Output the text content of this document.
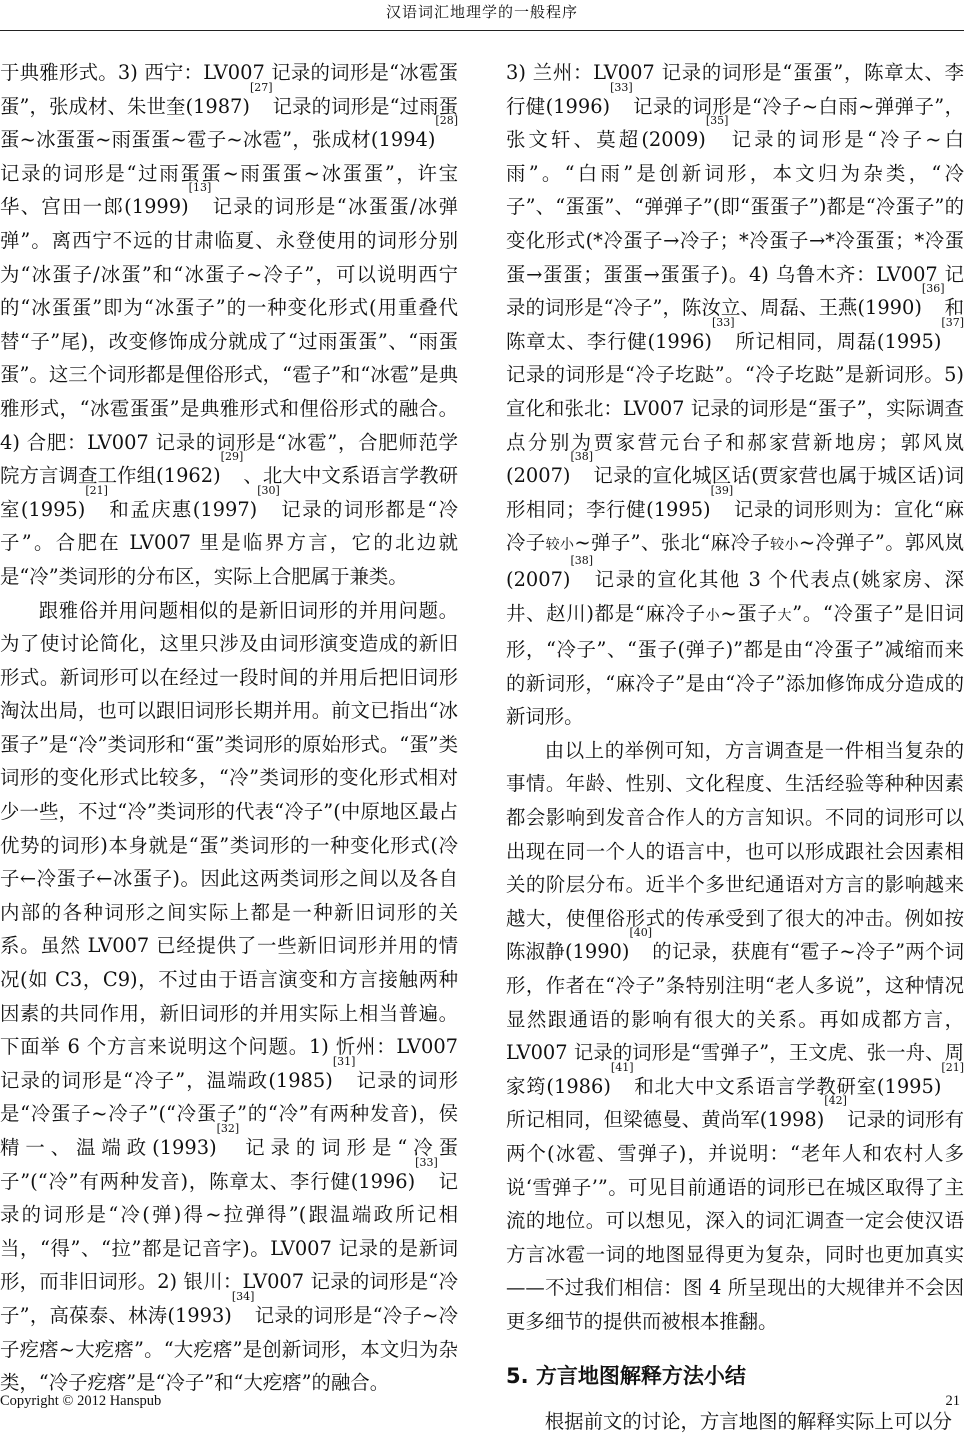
汉语词汇地理学的一般程序

于典雅形式。3) 西宁：LV007 记录的词形是“冰雹蛋蛋”，张成材、朱世奎(1987)[27]记录的词形是“过雨蛋蛋~冰蛋蛋~雨蛋蛋~雹子~冰雹”，张成材(1994)[28]记录的词形是“过雨蛋蛋~雨蛋蛋~冰蛋蛋”，许宝华、宫田一郎(1999)[13]记录的词形是“冰蛋蛋/冰弹弹”。离西宁不远的甘肃临夏、永登使用的词形分别为“冰蛋子/冰蛋”和“冰蛋子~冷子”，可以说明西宁的“冰蛋蛋”即为“冰蛋子”的一种变化形式(用重叠代替“子”尾)，改变修饰成分就成了“过雨蛋蛋”、“雨蛋蛋”。这三个词形都是俚俗形式，“雹子”和“冰雹”是典雅形式，“冰雹蛋蛋”是典雅形式和俚俗形式的融合。4) 合肥：LV007 记录的词形是“冰雹”，合肥师范学院方言调查工作组(1962)[29]、北大中文系语言学教研室(1995)[21]和孟庆惠(1997)[30]记录的词形都是“冷子”。合肥在 LV007 里是临界方言，它的北边就是“冷”类词形的分布区，实际上合肥属于兼类。

跟雅俗并用问题相似的是新旧词形的并用问题。为了使讨论简化，这里只涉及由词形演变造成的新旧形式。新词形可以在经过一段时间的并用后把旧词形淘汰出局，也可以跟旧词形长期并用。前文已指出“冰蛋子”是“冷”类词形和“蛋”类词形的原始形式。“蛋”类词形的变化形式比较多，“冷”类词形的变化形式相对少一些，不过“冷”类词形的代表“冷子”(中原地区最占优势的词形)本身就是“蛋”类词形的一种变化形式(冷子←冷蛋子←冰蛋子)。因此这两类词形之间以及各自内部的各种词形之间实际上都是一种新旧词形的关系。虽然 LV007 已经提供了一些新旧词形并用的情况(如 C3，C9)，不过由于语言演变和方言接触两种因素的共同作用，新旧词形的并用实际上相当普遍。下面举 6 个方言来说明这个问题。1) 忻州：LV007 记录的词形是“冷子”，温端政(1985)[31]记录的词形是“冷蛋子~冷子”(“冷蛋子”的“冷”有两种发音)，侯精一、温端政(1993)[32]记录的词形是“冷蛋子”(“冷”有两种发音)，陈章太、李行健(1996)[33]记录的词形是“冷(弹)得~拉弹得”(跟温端政所记相当，“得”、“拉”都是记音字)。LV007 记录的是新词形，而非旧词形。2) 银川：LV007 记录的词形是“冷子”，高葆泰、林涛(1993)[34]记录的词形是“冷子~冷子疙瘩~大疙瘩”。“大疙瘩”是创新词形，本文归为杂类，“冷子疙瘩”是“冷子”和“大疙瘩”的融合。

3) 兰州：LV007 记录的词形是“蛋蛋”，陈章太、李行健(1996)[33]记录的词形是“冷子~白雨~弹弹子”，张文轩、莫超(2009)[35]记录的词形是“冷子~白雨”。“白雨”是创新词形，本文归为杂类，“冷子”、“蛋蛋”、“弹弹子”(即“蛋蛋子”)都是“冷蛋子”的变化形式(*冷蛋子→冷子；*冷蛋子→*冷蛋蛋；*冷蛋蛋→蛋蛋；蛋蛋→蛋蛋子)。4) 乌鲁木齐：LV007 记录的词形是“冷子”，陈汝立、周磊、王燕(1990)[36]和陈章太、李行健(1996)[33]所记相同，周磊(1995)[37]记录的词形是“冷子圪跶”。“冷子圪跶”是新词形。5) 宣化和张北：LV007 记录的词形是“蛋子”，实际调查点分别为贾家营元台子和郝家营新地房；郭风岚(2007)[38]记录的宣化城区话(贾家营也属于城区话)词形相同；李行健(1995)[39]记录的词形则为：宣化“麻冷子较小~弹子”、张北“麻冷子较小~冷弹子”。郭风岚(2007)[38]记录的宣化其他 3 个代表点(姚家房、深井、赵川)都是“麻冷子小~蛋子大”。“冷蛋子”是旧词形，“冷子”、“蛋子(弹子)”都是由“冷蛋子”减缩而来的新词形，“麻冷子”是由“冷子”添加修饰成分造成的新词形。

由以上的举例可知，方言调查是一件相当复杂的事情。年龄、性别、文化程度、生活经验等种种因素都会影响到发音合作人的方言知识。不同的词形可以出现在同一个人的语言中，也可以形成跟社会因素相关的阶层分布。近半个多世纪通语对方言的影响越来越大，使俚俗形式的传承受到了很大的冲击。例如按陈淑静(1990)[40]的记录，获鹿有“雹子~冷子”两个词形，作者在“冷子”条特别注明“老人多说”，这种情况显然跟通语的影响有很大的关系。再如成都方言，LV007 记录的词形是“雪弹子”，王文虎、张一舟、周家筠(1986)[41]和北大中文系语言学教研室(1995)[21]所记相同，但梁德曼、黄尚军(1998)[42]记录的词形有两个(冰雹、雪弹子)，并说明：“老年人和农村人多说‘雪弹子’”。可见目前通语的词形已在城区取得了主流的地位。可以想见，深入的词汇调查一定会使汉语方言冰雹一词的地图显得更为复杂，同时也更加真实——不过我们相信：图 4 所呈现出的大规律并不会因更多细节的提供而被根本推翻。

5. 方言地图解释方法小结

根据前文的讨论，方言地图的解释实际上可以分

Copyright © 2012 Hanspub	21
